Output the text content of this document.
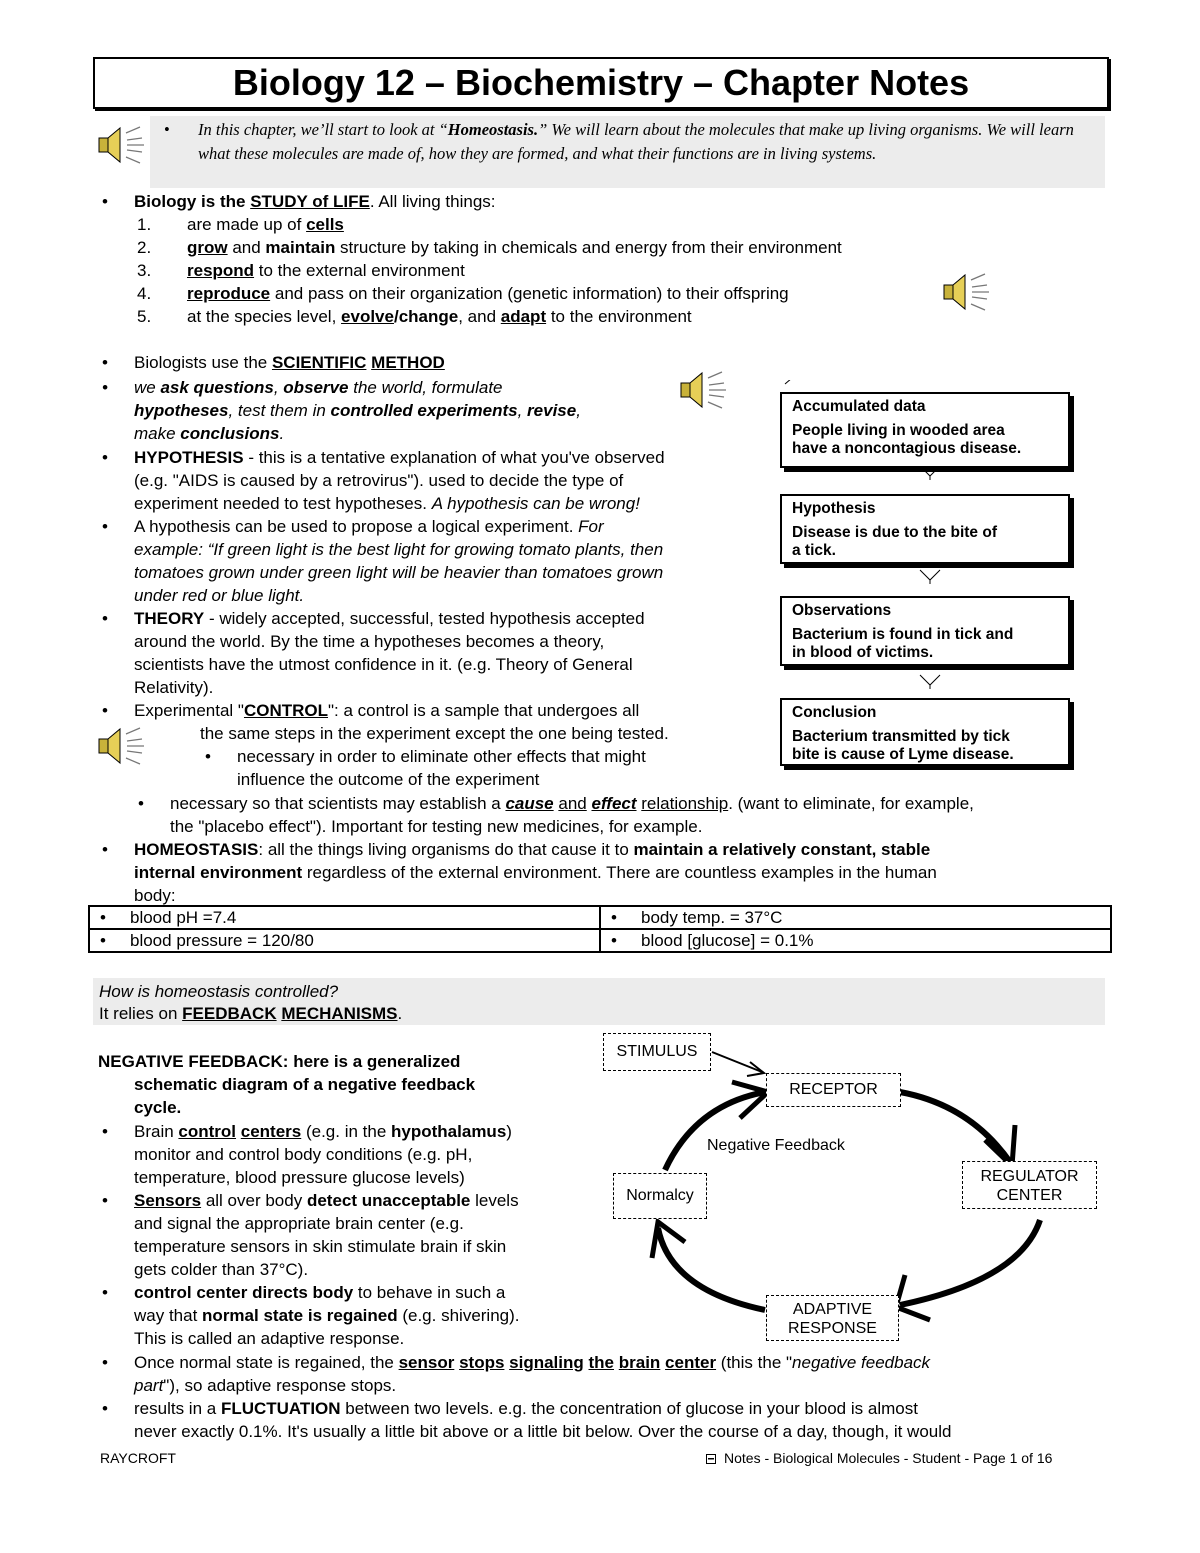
Biology 12 – Biochemistry – Chapter Notes
• In this chapter, we’ll start to look at “Homeostasis.” We will learn about the molecules that make up living organisms. We will learn what these molecules are made of, how they are formed, and what their functions are in living systems.
• Biology is the STUDY of LIFE. All living things:
1. are made up of cells
2. grow and maintain structure by taking in chemicals and energy from their environment
3. respond to the external environment
4. reproduce and pass on their organization (genetic information) to their offspring
5. at the species level, evolve/change, and adapt to the environment
• Biologists use the SCIENTIFIC METHOD
• we ask questions, observe the world, formulate
hypotheses, test them in controlled experiments, revise,
make conclusions.
• HYPOTHESIS - this is a tentative explanation of what you've observed
(e.g. "AIDS is caused by a retrovirus"). used to decide the type of
experiment needed to test hypotheses. A hypothesis can be wrong!
• A hypothesis can be used to propose a logical experiment. For
example: “If green light is the best light for growing tomato plants, then
tomatoes grown under green light will be heavier than tomatoes grown
under red or blue light.
• THEORY - widely accepted, successful, tested hypothesis accepted
around the world. By the time a hypotheses becomes a theory,
scientists have the utmost confidence in it. (e.g. Theory of General
Relativity).
• Experimental "CONTROL": a control is a sample that undergoes all
the same steps in the experiment except the one being tested.
• necessary in order to eliminate other effects that might
influence the outcome of the experiment
• necessary so that scientists may establish a cause and effect relationship. (want to eliminate, for example,
the "placebo effect"). Important for testing new medicines, for example.
• HOMEOSTASIS: all the things living organisms do that cause it to maintain a relatively constant, stable
internal environment regardless of the external environment. There are countless examples in the human
body:
Accumulated data
People living in wooded area
have a noncontagious disease.
Hypothesis
Disease is due to the bite of
a tick.
Observations
Bacterium is found in tick and
in blood of victims.
Conclusion
Bacterium transmitted by tick
bite is cause of Lyme disease.
• blood pH =7.4	• body temp. = 37°C
• blood pressure = 120/80	• blood [glucose] = 0.1%
How is homeostasis controlled?
It relies on FEEDBACK MECHANISMS.
NEGATIVE FEEDBACK: here is a generalized
schematic diagram of a negative feedback
cycle.
• Brain control centers (e.g. in the hypothalamus)
monitor and control body conditions (e.g. pH,
temperature, blood pressure glucose levels)
• Sensors all over body detect unacceptable levels
and signal the appropriate brain center (e.g.
temperature sensors in skin stimulate brain if skin
gets colder than 37°C).
• control center directs body to behave in such a
way that normal state is regained (e.g. shivering).
This is called an adaptive response.
• Once normal state is regained, the sensor stops signaling the brain center (this the "negative feedback
part"), so adaptive response stops.
• results in a FLUCTUATION between two levels. e.g. the concentration of glucose in your blood is almost
never exactly 0.1%. It's usually a little bit above or a little bit below. Over the course of a day, though, it would
STIMULUS
RECEPTOR
REGULATOR
CENTER
ADAPTIVE
RESPONSE
Normalcy
Negative Feedback
RAYCROFT	Notes - Biological Molecules - Student - Page 1 of 16
